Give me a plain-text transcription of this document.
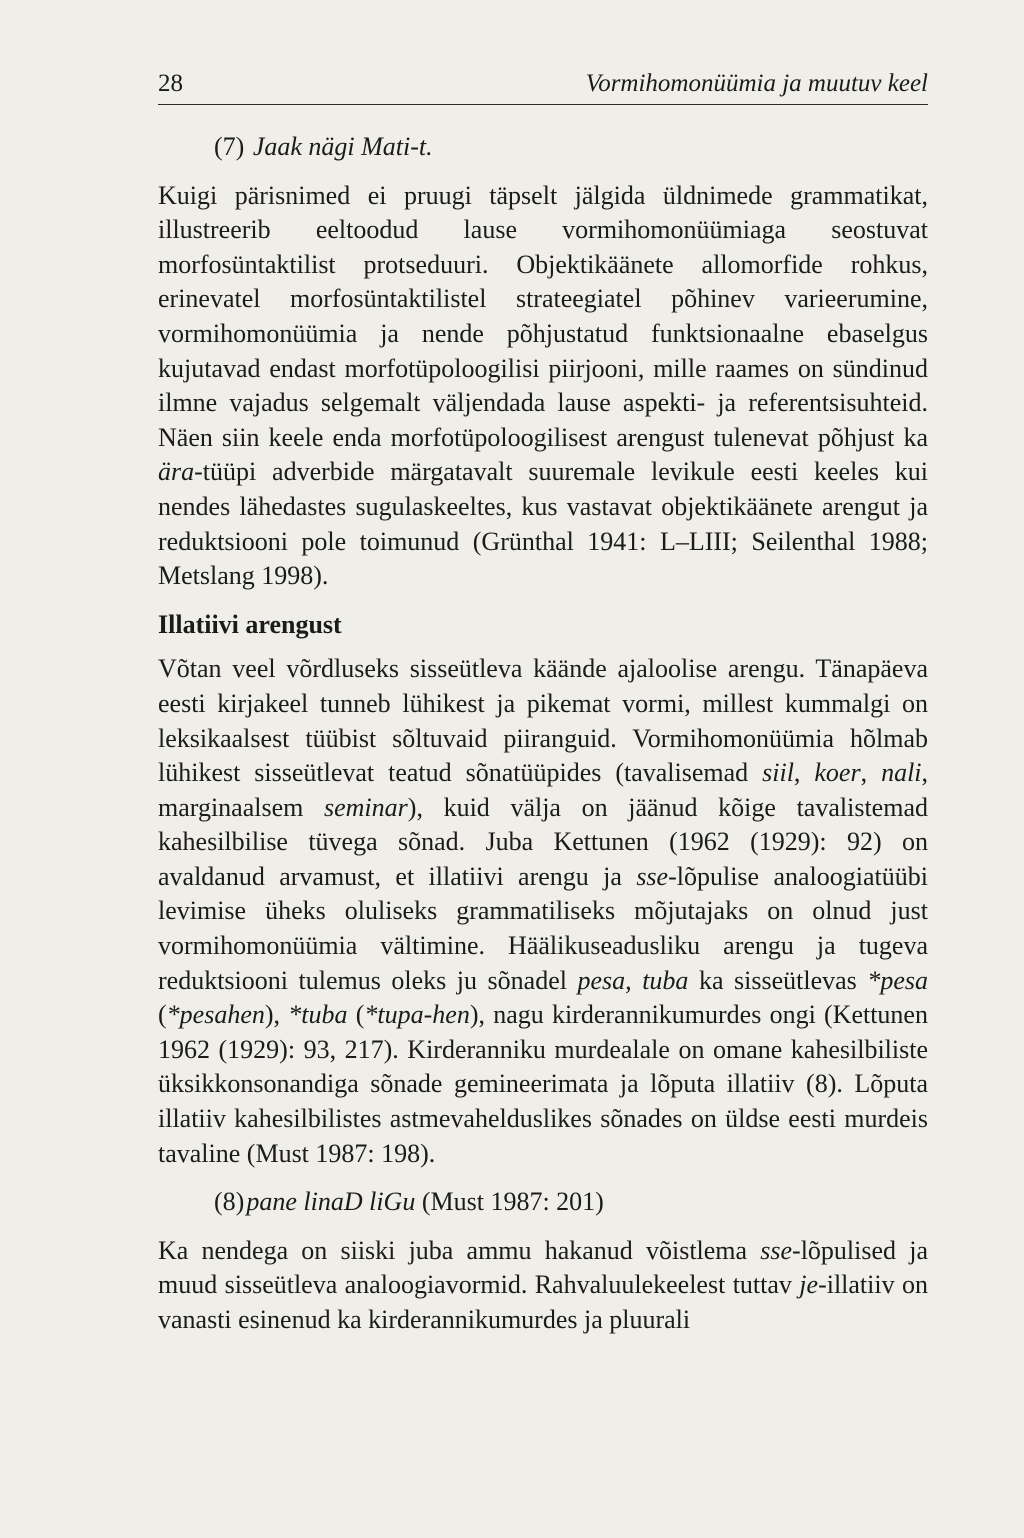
28	Vormihomonüümia ja muutuv keel

(7) Jaak nägi Mati-t.

Kuigi pärisnimed ei pruugi täpselt jälgida üldnimede grammatikat, illustreerib eeltoodud lause vormihomonüümiaga seostuvat morfosüntaktilist protseduuri. Objektikäänete allomorfide rohkus, erinevatel morfosüntaktilistel strateegiatel põhinev varieerumine, vormihomonüümia ja nende põhjustatud funktsionaalne ebaselgus kujutavad endast morfotüpoloogilisi piirjooni, mille raames on sündinud ilmne vajadus selgemalt väljendada lause aspekti- ja referentsisuhteid. Näen siin keele enda morfotüpoloogilisest arengust tulenevat põhjust ka ära-tüüpi adverbide märgatavalt suuremale levikule eesti keeles kui nendes lähedastes sugulaskeeltes, kus vastavat objektikäänete arengut ja reduktsiooni pole toimunud (Grünthal 1941: L–LIII; Seilenthal 1988; Metslang 1998).

Illatiivi arengust

Võtan veel võrdluseks sisseütleva käände ajaloolise arengu. Tänapäeva eesti kirjakeel tunneb lühikest ja pikemat vormi, millest kummalgi on leksikaalsest tüübist sõltuvaid piiranguid. Vormihomonüümia hõlmab lühikest sisseütlevat teatud sõnatüüpides (tavalisemad siil, koer, nali, marginaalsem seminar), kuid välja on jäänud kõige tavalistemad kahesilbilise tüvega sõnad. Juba Kettunen (1962 (1929): 92) on avaldanud arvamust, et illatiivi arengu ja sse-lõpulise analoogiatüübi levimise üheks oluliseks grammatiliseks mõjutajaks on olnud just vormihomonüümia vältimine. Häälikuseadusliku arengu ja tugeva reduktsiooni tulemus oleks ju sõnadel pesa, tuba ka sisseütlevas *pesa (*pesahen), *tuba (*tupa-hen), nagu kirderannikumurdes ongi (Kettunen 1962 (1929): 93, 217). Kirderanniku murdealale on omane kahesilbiliste üksikkonsonandiga sõnade gemineerimata ja lõputa illatiiv (8). Lõputa illatiiv kahesilbilistes astmevahelduslikes sõnades on üldse eesti murdeis tavaline (Must 1987: 198).

(8)pane linaD liGu (Must 1987: 201)

Ka nendega on siiski juba ammu hakanud võistlema sse-lõpulised ja muud sisseütleva analoogiavormid. Rahvaluulekeelest tuttav je-illatiiv on vanasti esinenud ka kirderannikumurdes ja pluurali
